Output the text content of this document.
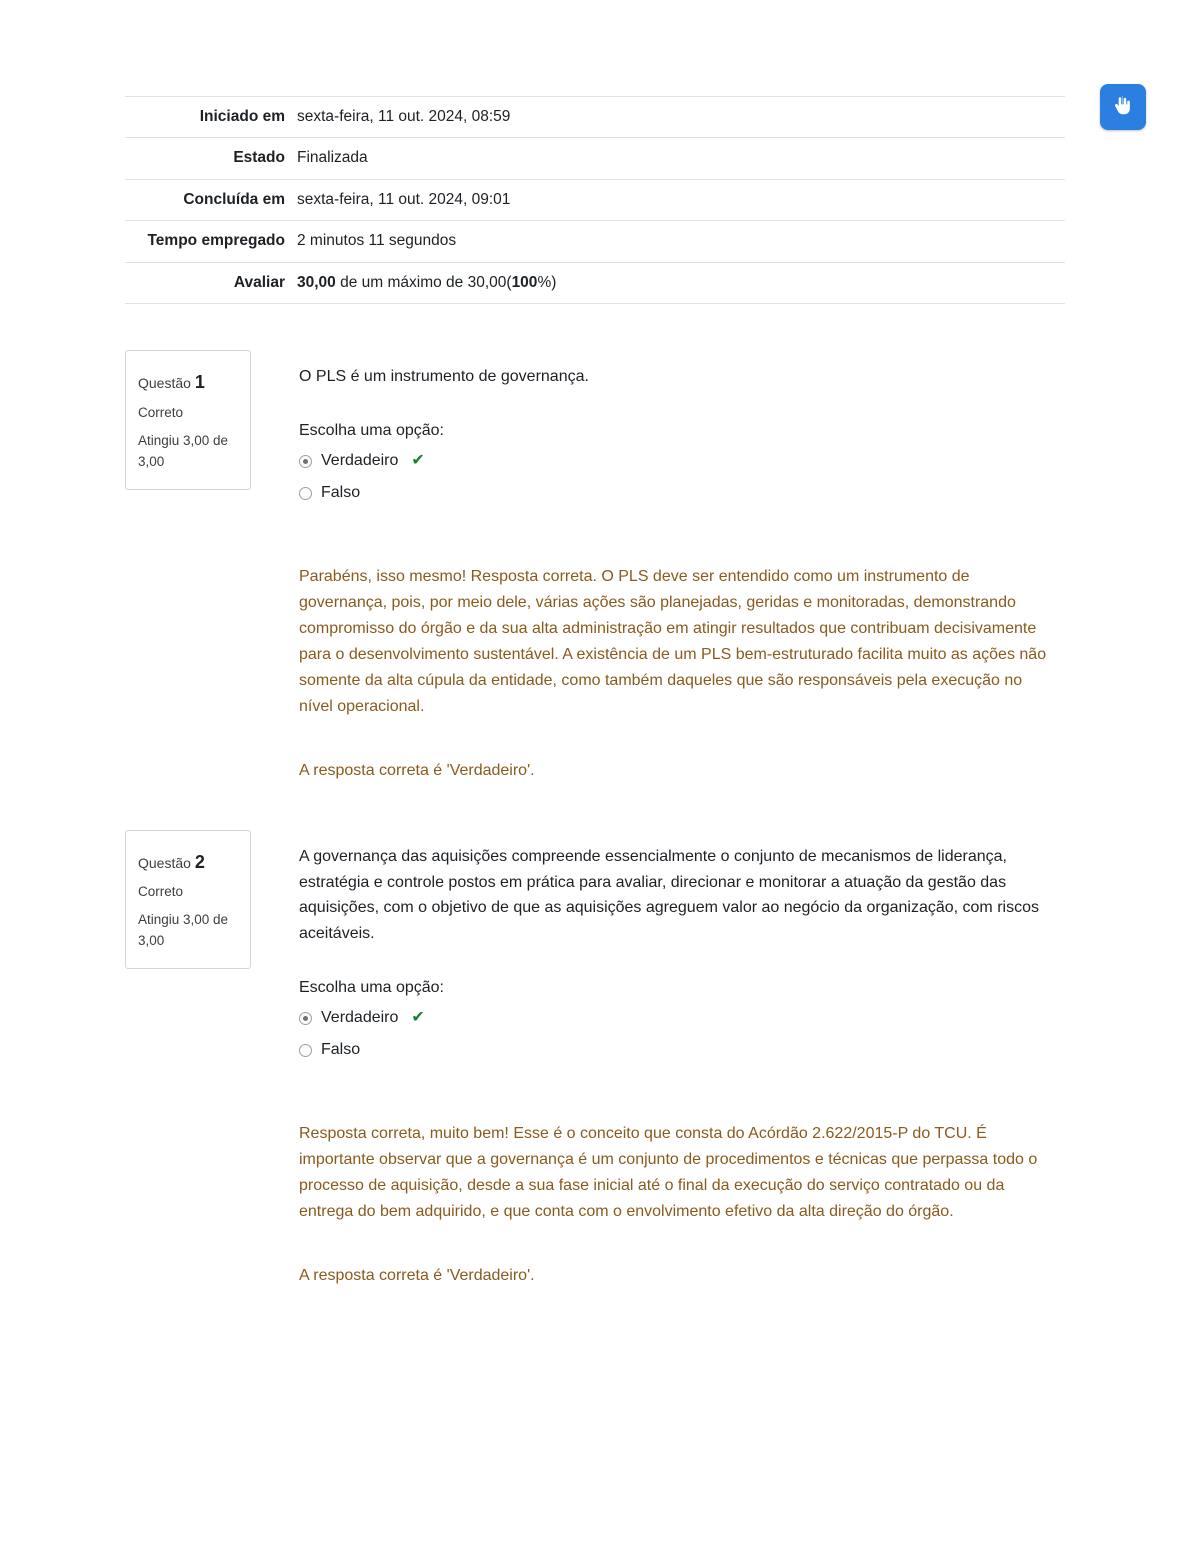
Iniciado em	sexta-feira, 11 out. 2024, 08:59
Estado	Finalizada
Concluída em	sexta-feira, 11 out. 2024, 09:01
Tempo empregado	2 minutos 11 segundos
Avaliar	30,00 de um máximo de 30,00(100%)
Questão 1
Correto
Atingiu 3,00 de 3,00

O PLS é um instrumento de governança.

Escolha uma opção:
Verdadeiro ✔
Falso

Parabéns, isso mesmo! Resposta correta. O PLS deve ser entendido como um instrumento de governança, pois, por meio dele, várias ações são planejadas, geridas e monitoradas, demonstrando compromisso do órgão e da sua alta administração em atingir resultados que contribuam decisivamente para o desenvolvimento sustentável. A existência de um PLS bem-estruturado facilita muito as ações não somente da alta cúpula da entidade, como também daqueles que são responsáveis pela execução no nível operacional.

A resposta correta é 'Verdadeiro'.

Questão 2
Correto
Atingiu 3,00 de 3,00

A governança das aquisições compreende essencialmente o conjunto de mecanismos de liderança, estratégia e controle postos em prática para avaliar, direcionar e monitorar a atuação da gestão das aquisições, com o objetivo de que as aquisições agreguem valor ao negócio da organização, com riscos aceitáveis.

Escolha uma opção:
Verdadeiro ✔
Falso

Resposta correta, muito bem! Esse é o conceito que consta do Acórdão 2.622/2015-P do TCU. É importante observar que a governança é um conjunto de procedimentos e técnicas que perpassa todo o processo de aquisição, desde a sua fase inicial até o final da execução do serviço contratado ou da entrega do bem adquirido, e que conta com o envolvimento efetivo da alta direção do órgão.

A resposta correta é 'Verdadeiro'.
